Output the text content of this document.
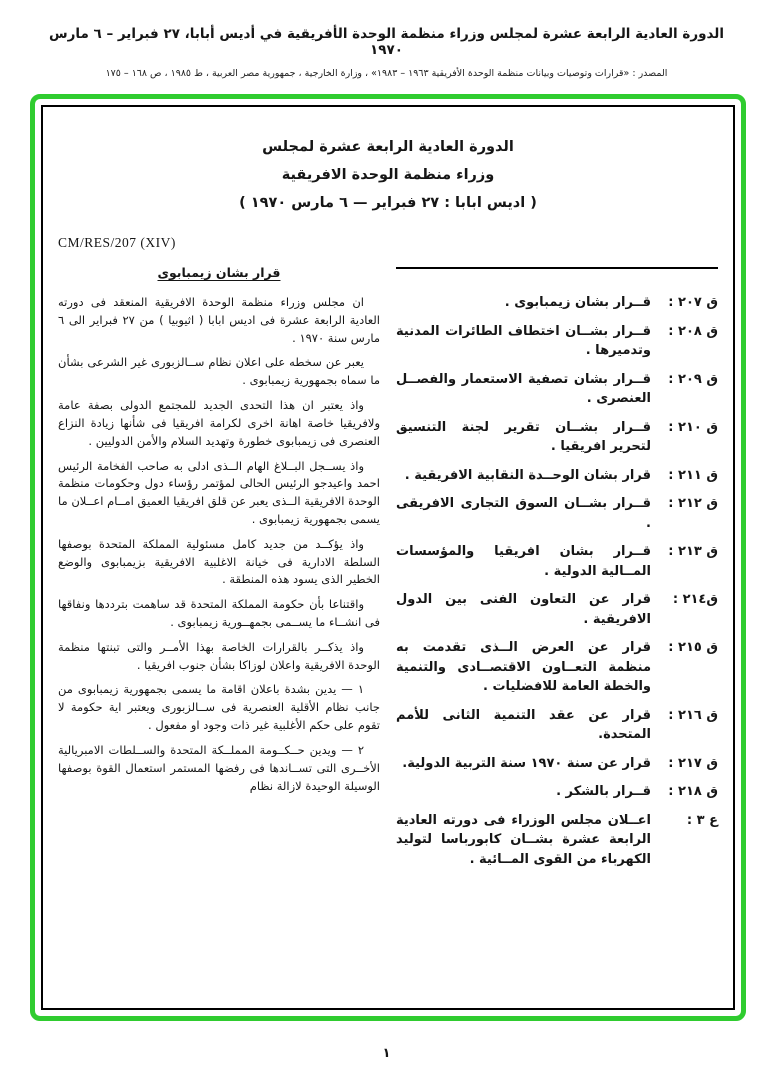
الدورة العادية الرابعة عشرة لمجلس وزراء منظمة الوحدة الأفريقية في أديس أبابا، ٢٧ فبراير – ٦ مارس ١٩٧٠
المصدر : «قرارات وتوصيات وبيانات منظمة الوحدة الأفريقية ١٩٦٣ – ١٩٨٣» ، وزارة الخارجية ، جمهورية مصر العربية ، ط ١٩٨٥ ، ص ١٦٨ – ١٧٥
الدورة العادية الرابعة عشرة لمجلس
وزراء منظمة الوحدة الافريقية
( اديس ابابا : ٢٧ فبراير — ٦ مارس ١٩٧٠ )
ق ٢٠٧ :
قــرار بشان زيمبابوى .
ق ٢٠٨ :
قــرار بشــان اختطاف الطائرات المدنية وتدميرها .
ق ٢٠٩ :
قــرار بشان تصفية الاستعمار والفصــل العنصرى .
ق ٢١٠ :
قــرار بشــان تقرير لجنة التنسيق لتحرير افريقيا .
ق ٢١١ :
قرار بشان الوحــدة النقابية الافريقية .
ق ٢١٢ :
قــرار بشــان السوق التجارى الافريقى .
ق ٢١٣ :
قــرار بشان افريقيا والمؤسسات المــالية الدولية .
ق٢١٤ :
قرار عن التعاون الفنى بين الدول الافريقية .
ق ٢١٥ :
قرار عن العرض الــذى تقدمت به منظمة التعــاون الاقتصــادى والتنمية والخطة العامة للافضليات .
ق ٢١٦ :
قرار عن عقد التنمية الثانى للأمم المتحدة.
ق ٢١٧ :
قرار عن سنة ١٩٧٠ سنة التربية الدولية.
ق ٢١٨ :
قــرار بالشكر .
ع ٣ :
اعــلان مجلس الوزراء فى دورته العادية الرابعة عشرة بشــان كابورباسا لتوليد الكهرباء من القوى المــائية .
CM/RES/207 (XIV)
قرار بشان زيمبابوى
ان مجلس وزراء منظمة الوحدة الافريقية المنعقد فى دورته العادية الرابعة عشرة فى اديس ابابا ( اثيوبيا ) من ٢٧ فبراير الى ٦ مارس سنة ١٩٧٠ .
يعبر عن سخطه على اعلان نظام ســالزبورى غير الشرعى بشأن ما سماه بجمهورية زيمبابوى .
واذ يعتبر ان هذا التحدى الجديد للمجتمع الدولى بصفة عامة ولافريقيا خاصة اهانة اخرى لكرامة افريقيا فى شأنها زيادة النزاع العنصرى فى زيمبابوى خطورة وتهديد السلام والأمن الدوليين .
واذ يســجل البــلاغ الهام الــذى ادلى به صاحب الفخامة الرئيس احمد واعيدجو الرئيس الحالى لمؤتمر رؤساء دول وحكومات منظمة الوحدة الافريقية الــذى يعبر عن قلق افريقيا العميق امــام اعــلان ما يسمى بجمهورية زيمبابوى .
واذ يؤكــد من جديد كامل مسئولية المملكة المتحدة بوصفها السلطة الادارية فى خيانة الاغلبية الافريقية بزيمبابوى والوضع الخطير الذى يسود هذه المنطقة .
واقتناعا بأن حكومة المملكة المتحدة قد ساهمت بترددها ونفاقها فى انشــاء ما يســمى بجمهــورية زيمبابوى .
واذ يذكــر بالقرارات الخاصة بهذا الأمــر والتى تبنتها منظمة الوحدة الافريقية واعلان لوزاكا بشأن جنوب افريقيا .
١ — يدين بشدة باعلان اقامة ما يسمى بجمهورية زيمبابوى من جانب نظام الأقلية العنصرية فى ســالزبورى ويعتبر اية حكومة لا تقوم على حكم الأغلبية غير ذات وجود او مفعول .
٢ — ويدين حــكــومة المملــكة المتحدة والســلطات الامبريالية الأخــرى التى تســاندها فى رفضها المستمر استعمال القوة بوصفها الوسيلة الوحيدة لازالة نظام
١
